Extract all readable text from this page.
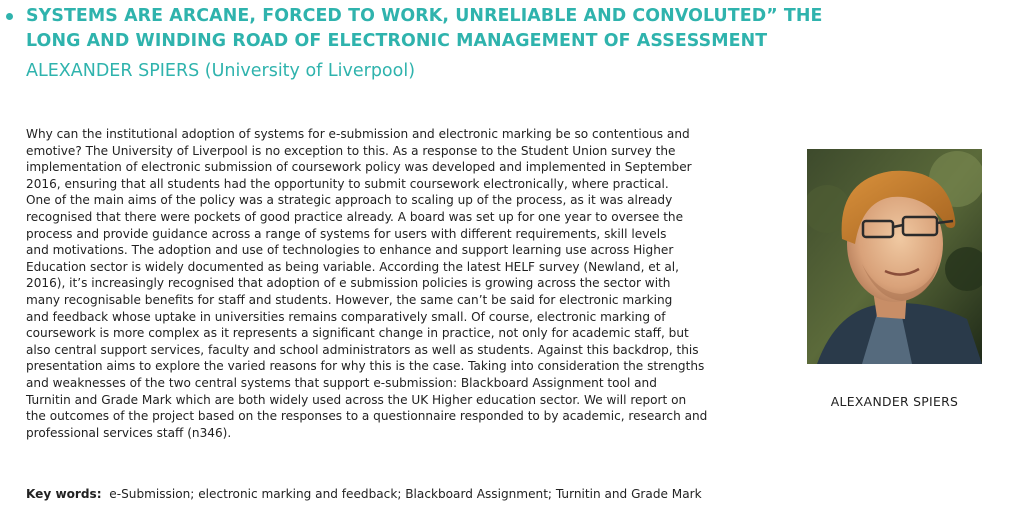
SYSTEMS ARE ARCANE, FORCED TO WORK, UNRELIABLE AND CONVOLUTED” THE
LONG AND WINDING ROAD OF ELECTRONIC MANAGEMENT OF ASSESSMENT
ALEXANDER SPIERS (University of Liverpool)
Why can the institutional adoption of systems for e-submission and electronic marking be so contentious and
emotive? The University of Liverpool is no exception to this. As a response to the Student Union survey the
implementation of electronic submission of coursework policy was developed and implemented in September
2016, ensuring that all students had the opportunity to submit coursework electronically, where practical.
One of the main aims of the policy was a strategic approach to scaling up of the process, as it was already
recognised that there were pockets of good practice already. A board was set up for one year to oversee the
process and provide guidance across a range of systems for users with different requirements, skill levels
and motivations. The adoption and use of technologies to enhance and support learning use across Higher
Education sector is widely documented as being variable. According the latest HELF survey (Newland, et al,
2016), it’s increasingly recognised that adoption of e submission policies is growing across the sector with
many recognisable benefits for staff and students. However, the same can’t be said for electronic marking
and feedback whose uptake in universities remains comparatively small. Of course, electronic marking of
coursework is more complex as it represents a significant change in practice, not only for academic staff, but
also central support services, faculty and school administrators as well as students. Against this backdrop, this
presentation aims to explore the varied reasons for why this is the case. Taking into consideration the strengths
and weaknesses of the two central systems that support e-submission: Blackboard Assignment tool and
Turnitin and Grade Mark which are both widely used across the UK Higher education sector. We will report on
the outcomes of the project based on the responses to a questionnaire responded to by academic, research and
professional services staff (n346).
Key words: e-Submission; electronic marking and feedback; Blackboard Assignment; Turnitin and Grade Mark
ALEXANDER SPIERS
